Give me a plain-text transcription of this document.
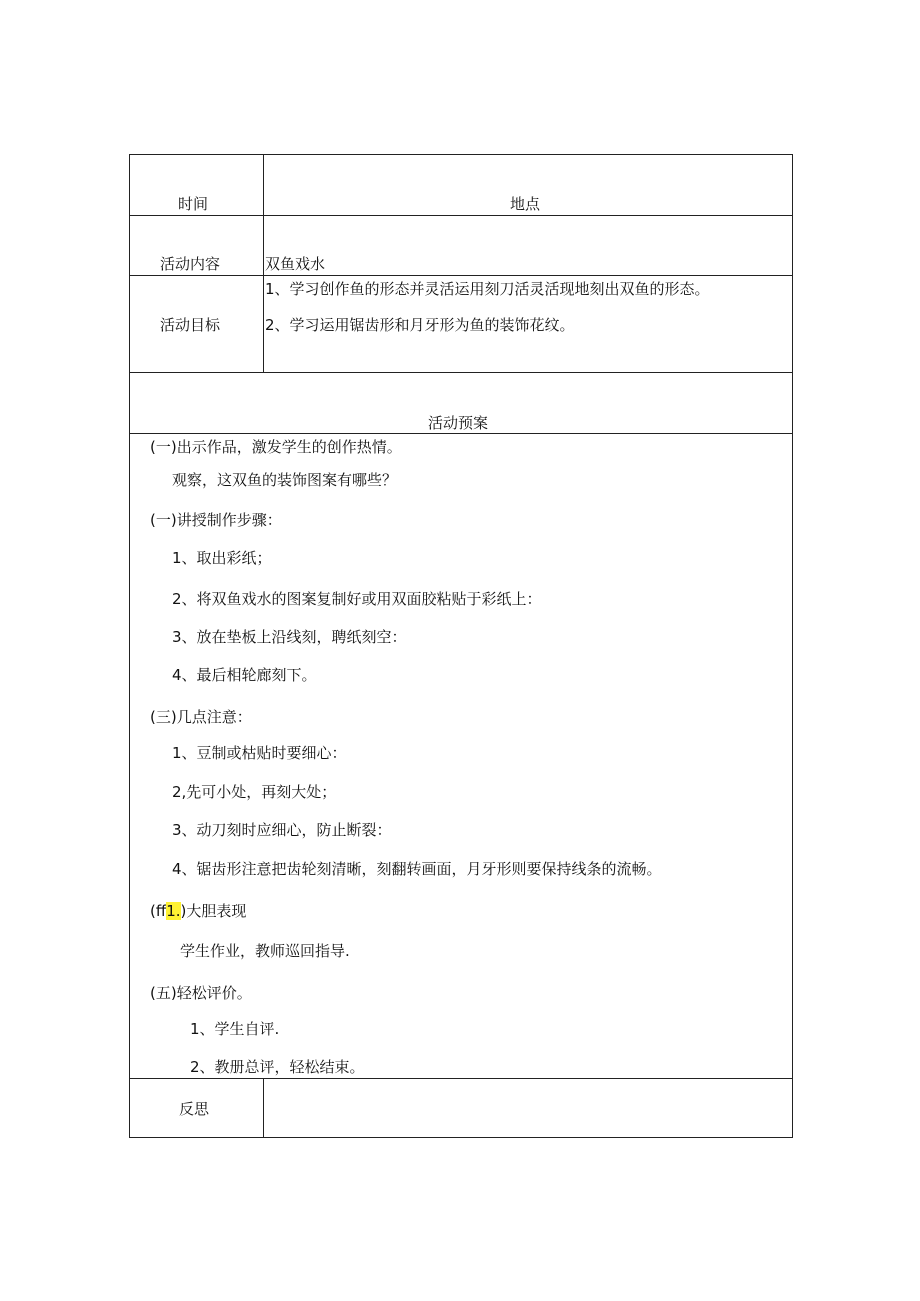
时间	地点
活动内容	双鱼戏水
活动目标
1、学习创作鱼的形态并灵活运用刻刀活灵活现地刻出双鱼的形态。
2、学习运用锯齿形和月牙形为鱼的装饰花纹。
活动预案
(一)出示作品，激发学生的创作热情。
观察，这双鱼的装饰图案有哪些？
(一)讲授制作步骤：
1、取出彩纸；
2、将双鱼戏水的图案复制好或用双面胶粘贴于彩纸上：
3、放在垫板上沿线刻，聘纸刻空：
4、最后相轮廊刻下。
(三)几点注意：
1、豆制或枯贴时要细心：
2,先可小处，再刻大处；
3、动刀刻时应细心，防止断裂：
4、锯齿形注意把齿轮刻清晰，刻翻转画面，月牙形则要保持线条的流畅。
(ff1.)大胆表现
学生作业，教师巡回指导.
(五)轻松评价。
1、学生自评.
2、教册总评，轻松结束。
反思
